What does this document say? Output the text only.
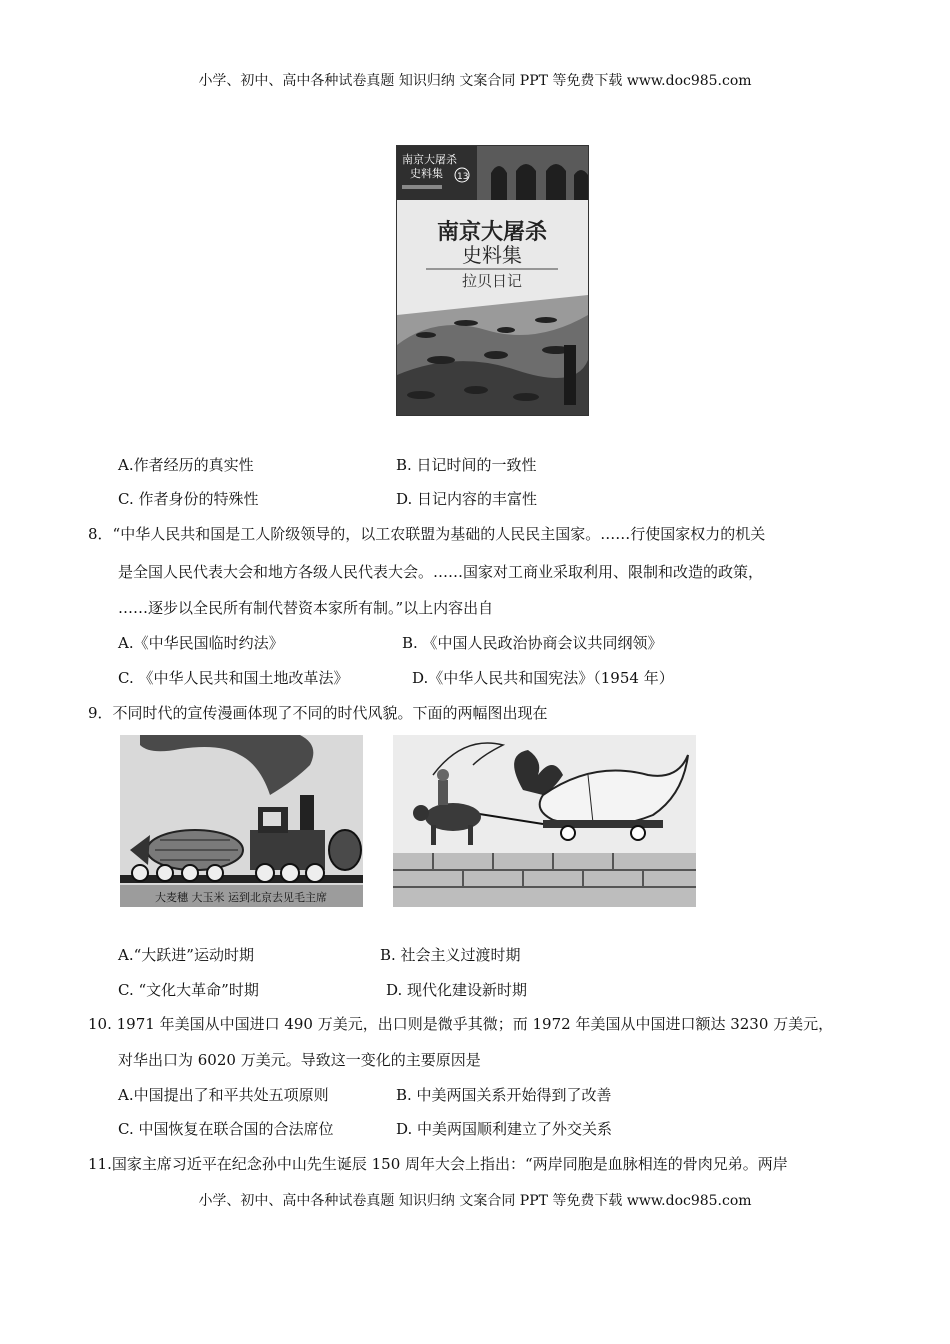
小学、初中、高中各种试卷真题 知识归纳 文案合同 PPT 等免费下载 www.doc985.com
南京大屠杀
史料集 13
南京大屠杀
史料集
拉贝日记
A.作者经历的真实性	B. 日记时间的一致性
C. 作者身份的特殊性	D. 日记内容的丰富性
8．“中华人民共和国是工人阶级领导的，以工农联盟为基础的人民民主国家。……行使国家权力的机关
是全国人民代表大会和地方各级人民代表大会。……国家对工商业采取利用、限制和改造的政策，
……逐步以全民所有制代替资本家所有制。”以上内容出自
A.《中华民国临时约法》	B. 《中国人民政治协商会议共同纲领》
C. 《中华人民共和国土地改革法》	D.《中华人民共和国宪法》（1954 年）
9．不同时代的宣传漫画体现了不同的时代风貌。下面的两幅图出现在
大麦穗 大玉米 运到北京去见毛主席
A.“大跃进”运动时期	B. 社会主义过渡时期
C. “文化大革命”时期	D. 现代化建设新时期
10. 1971 年美国从中国进口 490 万美元，出口则是微乎其微；而 1972 年美国从中国进口额达 3230 万美元，
对华出口为 6020 万美元。导致这一变化的主要原因是
A.中国提出了和平共处五项原则	B. 中美两国关系开始得到了改善
C. 中国恢复在联合国的合法席位	D. 中美两国顺利建立了外交关系
11.国家主席习近平在纪念孙中山先生诞辰 150 周年大会上指出：“两岸同胞是血脉相连的骨肉兄弟。两岸
小学、初中、高中各种试卷真题 知识归纳 文案合同 PPT 等免费下载 www.doc985.com
